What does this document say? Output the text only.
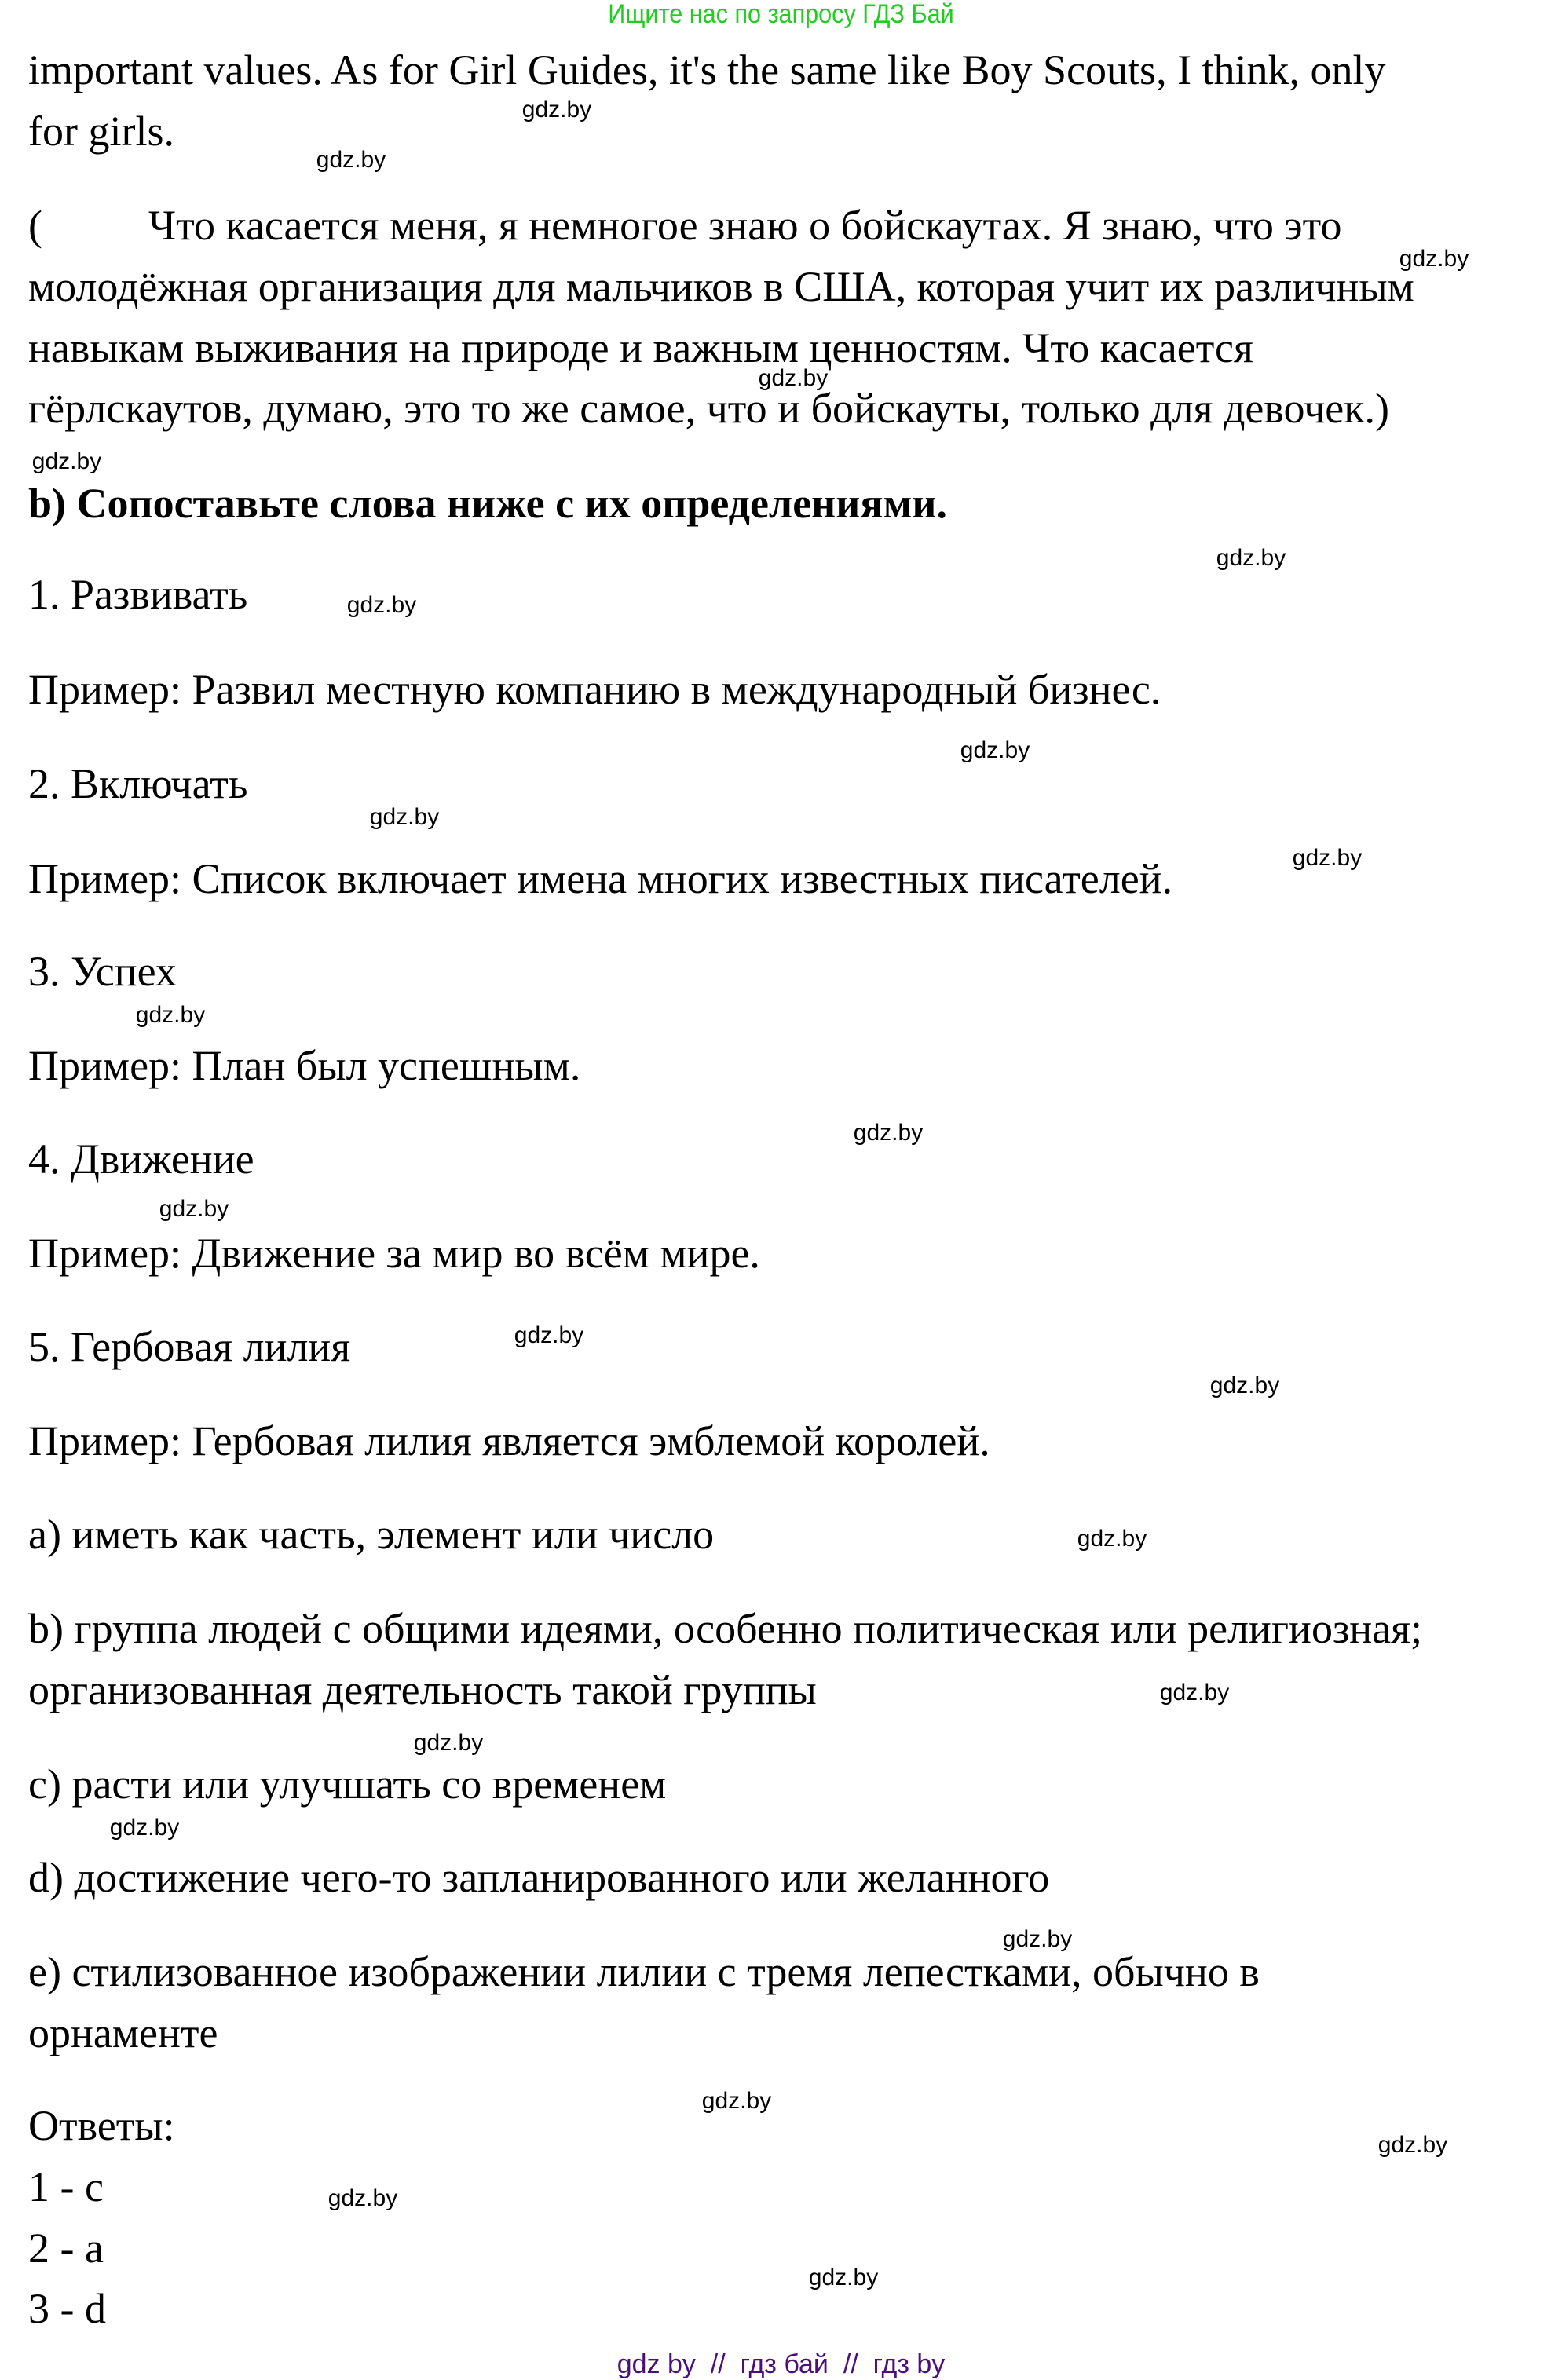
Ищите нас по запросу ГДЗ Бай
important values. As for Girl Guides, it's the same like Boy Scouts, I think, only
for girls.
(	Что касается меня, я немногое знаю о бойскаутах. Я знаю, что это
молодёжная организация для мальчиков в США, которая учит их различным
навыкам выживания на природе и важным ценностям. Что касается
гёрлскаутов, думаю, это то же самое, что и бойскауты, только для девочек.)
b) Сопоставьте слова ниже с их определениями.
1. Развивать
Пример: Развил местную компанию в международный бизнес.
2. Включать
Пример: Список включает имена многих известных писателей.
3. Успех
Пример: План был успешным.
4. Движение
Пример: Движение за мир во всём мире.
5. Гербовая лилия
Пример: Гербовая лилия является эмблемой королей.
a) иметь как часть, элемент или число
b) группа людей с общими идеями, особенно политическая или религиозная;
организованная деятельность такой группы
c) расти или улучшать со временем
d) достижение чего-то запланированного или желанного
e) стилизованное изображении лилии с тремя лепестками, обычно в
орнаменте
Ответы:
1 - c
2 - a
3 - d
gdz.by
gdz.by
gdz.by
gdz.by
gdz.by
gdz.by
gdz.by
gdz.by
gdz.by
gdz.by
gdz.by
gdz.by
gdz.by
gdz.by
gdz.by
gdz.by
gdz.by
gdz.by
gdz.by
gdz.by
gdz.by
gdz.by
gdz.by
gdz.by
gdz by  //  гдз бай  //  гдз by
